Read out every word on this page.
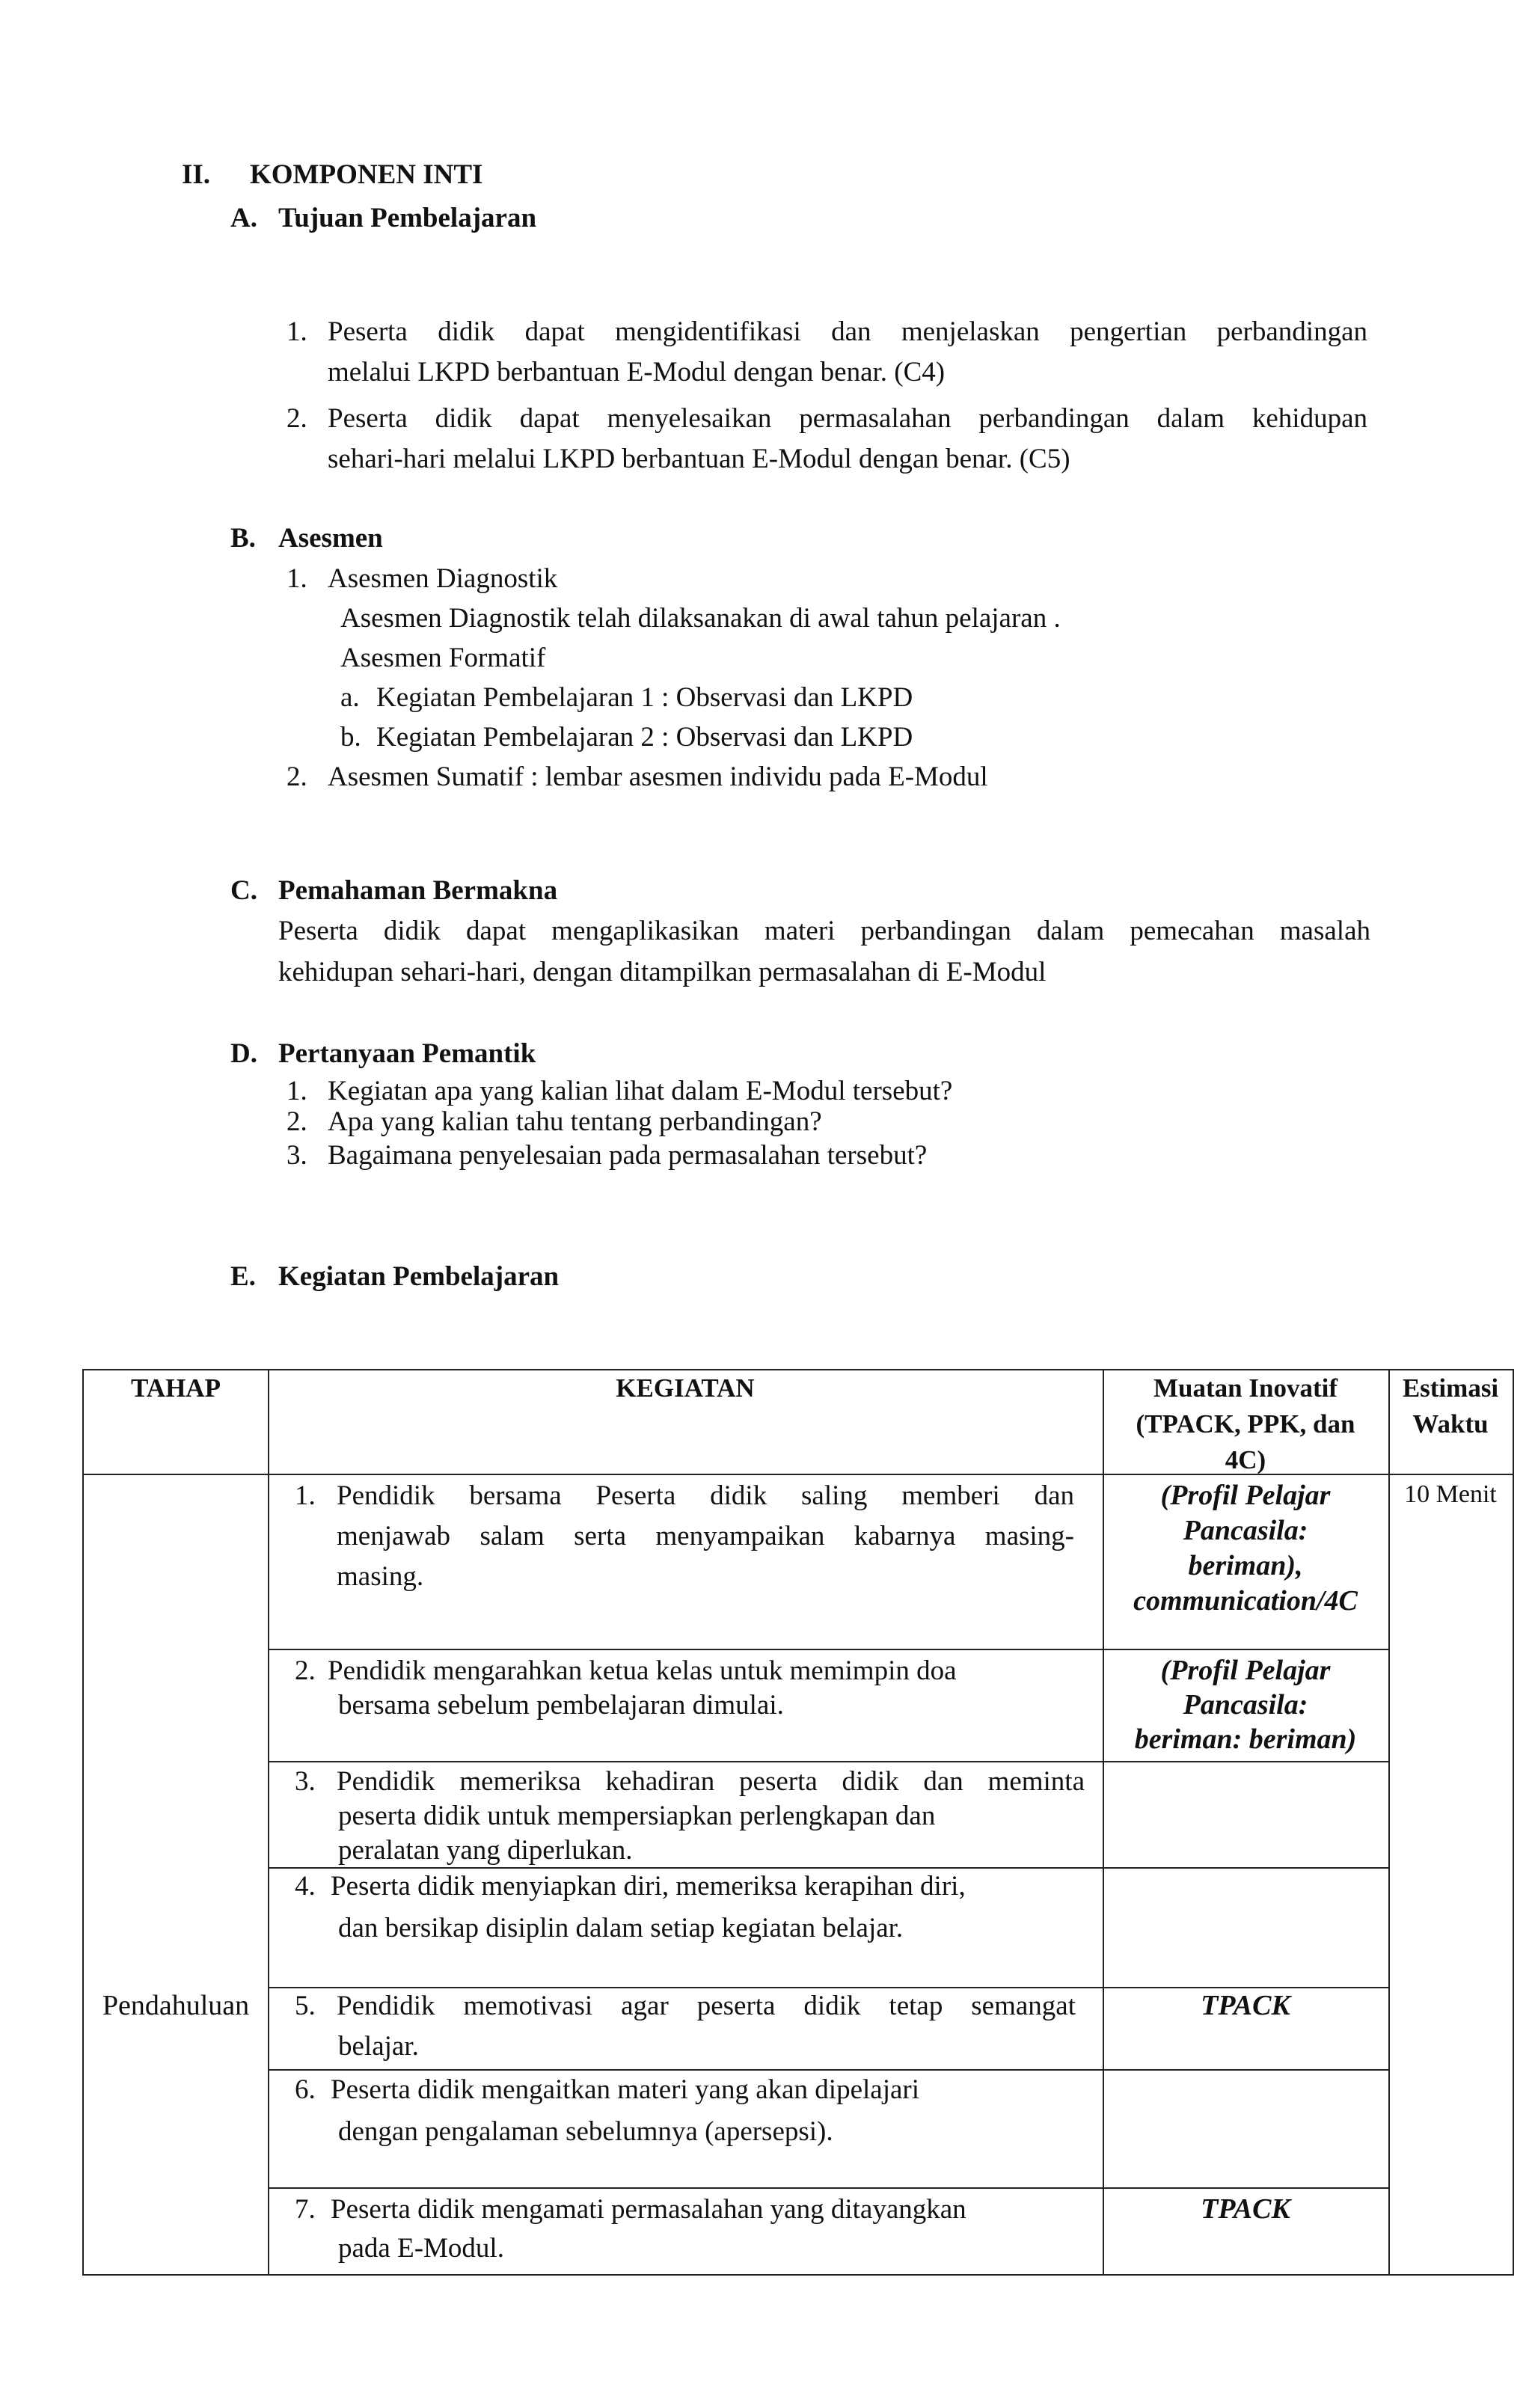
II. KOMPONEN INTI
A. Tujuan Pembelajaran
1. Peserta didik dapat mengidentifikasi dan menjelaskan pengertian perbandingan
melalui LKPD berbantuan E-Modul dengan benar. (C4)
2. Peserta didik dapat menyelesaikan permasalahan perbandingan dalam kehidupan
sehari-hari melalui LKPD berbantuan E-Modul dengan benar. (C5)
B. Asesmen
1. Asesmen Diagnostik
Asesmen Diagnostik telah dilaksanakan di awal tahun pelajaran .
Asesmen Formatif
a. Kegiatan Pembelajaran 1 : Observasi dan LKPD
b. Kegiatan Pembelajaran 2 : Observasi dan LKPD
2. Asesmen Sumatif : lembar asesmen individu pada E-Modul
C. Pemahaman Bermakna
Peserta didik dapat mengaplikasikan materi perbandingan dalam pemecahan masalah
kehidupan sehari-hari, dengan ditampilkan permasalahan di E-Modul
D. Pertanyaan Pemantik
1. Kegiatan apa yang kalian lihat dalam E-Modul tersebut?
2. Apa yang kalian tahu tentang perbandingan?
3. Bagaimana penyelesaian pada permasalahan tersebut?
E. Kegiatan Pembelajaran
TAHAP	KEGIATAN	Muatan Inovatif
(TPACK, PPK, dan
4C)
Estimasi
Waktu
Pendahuluan
10 Menit
1. Pendidik bersama Peserta didik saling memberi dan
menjawab salam serta menyampaikan kabarnya masing-
masing.
(Profil Pelajar
Pancasila:
beriman),
communication/4C
2. Pendidik mengarahkan ketua kelas untuk memimpin doa
bersama sebelum pembelajaran dimulai.
(Profil Pelajar
Pancasila:
beriman: beriman)
3. Pendidik memeriksa kehadiran peserta didik dan meminta
peserta didik untuk mempersiapkan perlengkapan dan
peralatan yang diperlukan.
4. Peserta didik menyiapkan diri, memeriksa kerapihan diri,
dan bersikap disiplin dalam setiap kegiatan belajar.
5. Pendidik memotivasi agar peserta didik tetap semangat
belajar.
TPACK
6. Peserta didik mengaitkan materi yang akan dipelajari
dengan pengalaman sebelumnya (apersepsi).
7. Peserta didik mengamati permasalahan yang ditayangkan
pada E-Modul.
TPACK
